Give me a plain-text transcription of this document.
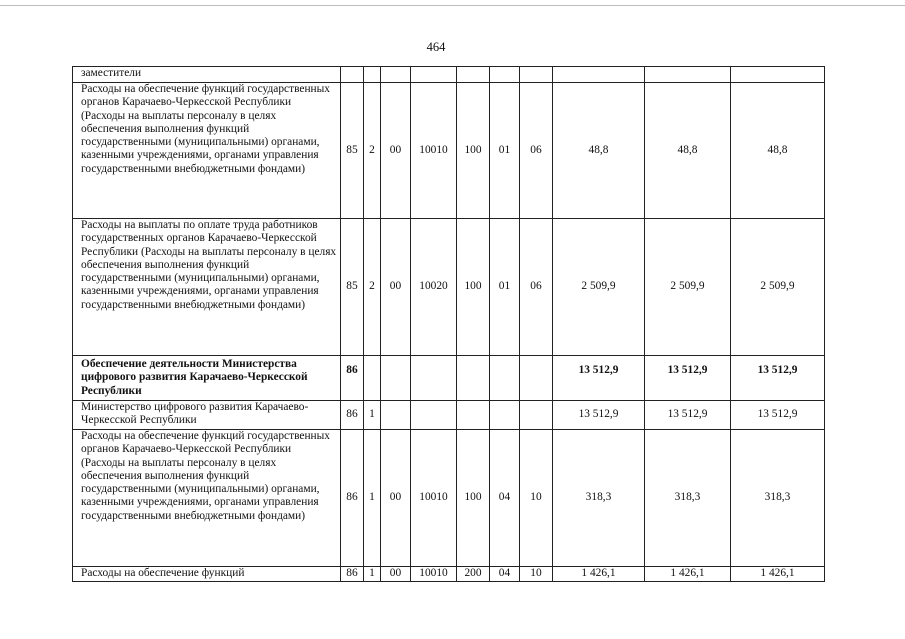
464
заместители										
Расходы на обеспечение функций государственных органов Карачаево-Черкесской Республики (Расходы на выплаты персоналу в целях обеспечения выполнения функций государственными (муниципальными) органами, казенными учреждениями, органами управления государственными внебюджетными фондами)	85	2	00	10010	100	01	06	48,8	48,8	48,8
Расходы на выплаты по оплате труда работников государственных органов Карачаево-Черкесской Республики (Расходы на выплаты персоналу в целях обеспечения выполнения функций государственными (муниципальными) органами, казенными учреждениями, органами управления государственными внебюджетными фондами)	85	2	00	10020	100	01	06	2 509,9	2 509,9	2 509,9
Обеспечение деятельности Министерства цифрового развития Карачаево-Черкесской Республики	86							13 512,9	13 512,9	13 512,9
Министерство цифрового развития Карачаево-Черкесской Республики	86	1						13 512,9	13 512,9	13 512,9
Расходы на обеспечение функций государственных органов Карачаево-Черкесской Республики (Расходы на выплаты персоналу в целях обеспечения выполнения функций государственными (муниципальными) органами, казенными учреждениями, органами управления государственными внебюджетными фондами)	86	1	00	10010	100	04	10	318,3	318,3	318,3
Расходы на обеспечение функций	86	1	00	10010	200	04	10	1 426,1	1 426,1	1 426,1
